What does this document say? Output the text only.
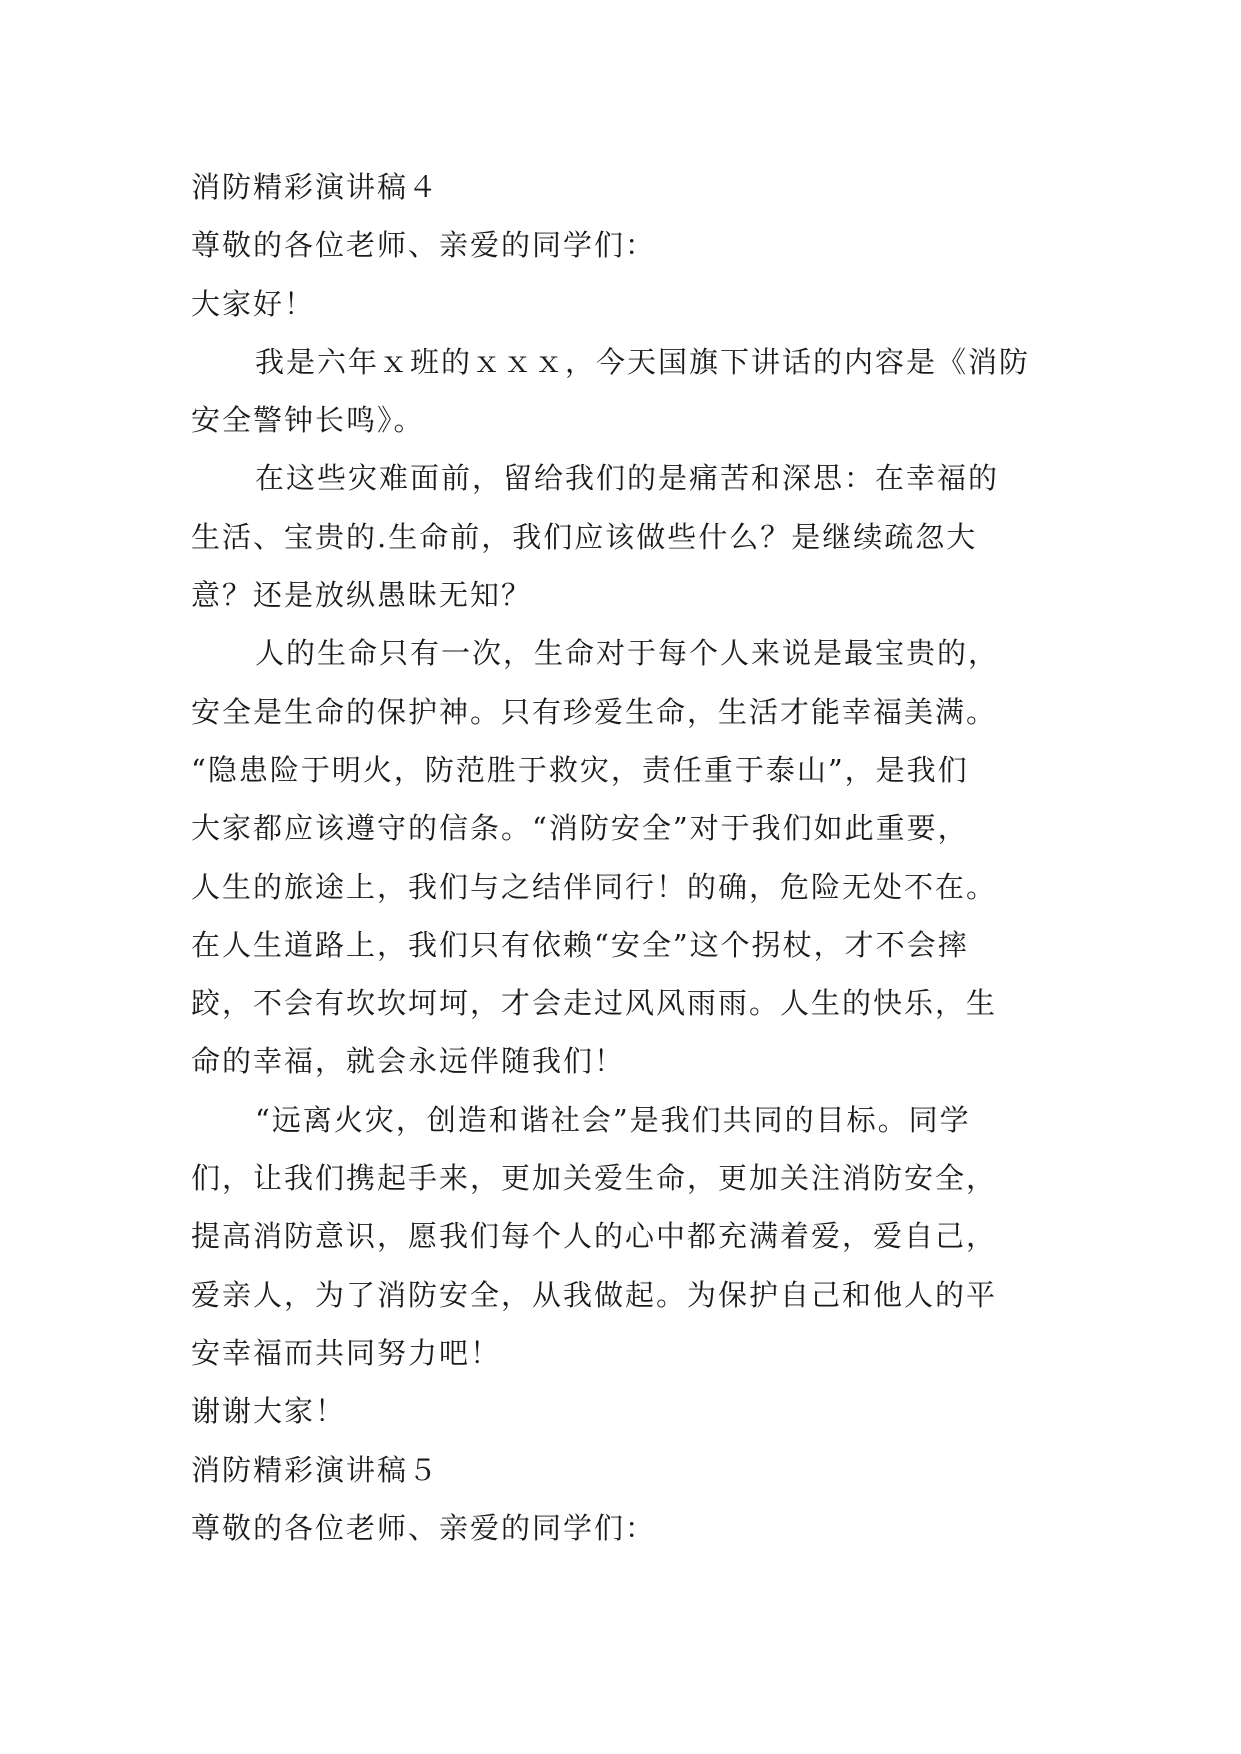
消防精彩演讲稿４

尊敬的各位老师、亲爱的同学们：

大家好！

我是六年ｘ班的ｘｘｘ，今天国旗下讲话的内容是《消防
安全警钟长鸣》。
在这些灾难面前，留给我们的是痛苦和深思：在幸福的
生活、宝贵的.生命前，我们应该做些什么？是继续疏忽大
意？还是放纵愚昧无知？
人的生命只有一次，生命对于每个人来说是最宝贵的，
安全是生命的保护神。只有珍爱生命，生活才能幸福美满。
“隐患险于明火，防范胜于救灾，责任重于泰山”，是我们
大家都应该遵守的信条。“消防安全”对于我们如此重要，
人生的旅途上，我们与之结伴同行！的确，危险无处不在。
在人生道路上，我们只有依赖“安全”这个拐杖，才不会摔
跤，不会有坎坎坷坷，才会走过风风雨雨。人生的快乐，生
命的幸福，就会永远伴随我们！
“远离火灾，创造和谐社会”是我们共同的目标。同学
们，让我们携起手来，更加关爱生命，更加关注消防安全，
提高消防意识，愿我们每个人的心中都充满着爱，爱自己，
爱亲人，为了消防安全，从我做起。为保护自己和他人的平
安幸福而共同努力吧！

谢谢大家！

消防精彩演讲稿５

尊敬的各位老师、亲爱的同学们：
